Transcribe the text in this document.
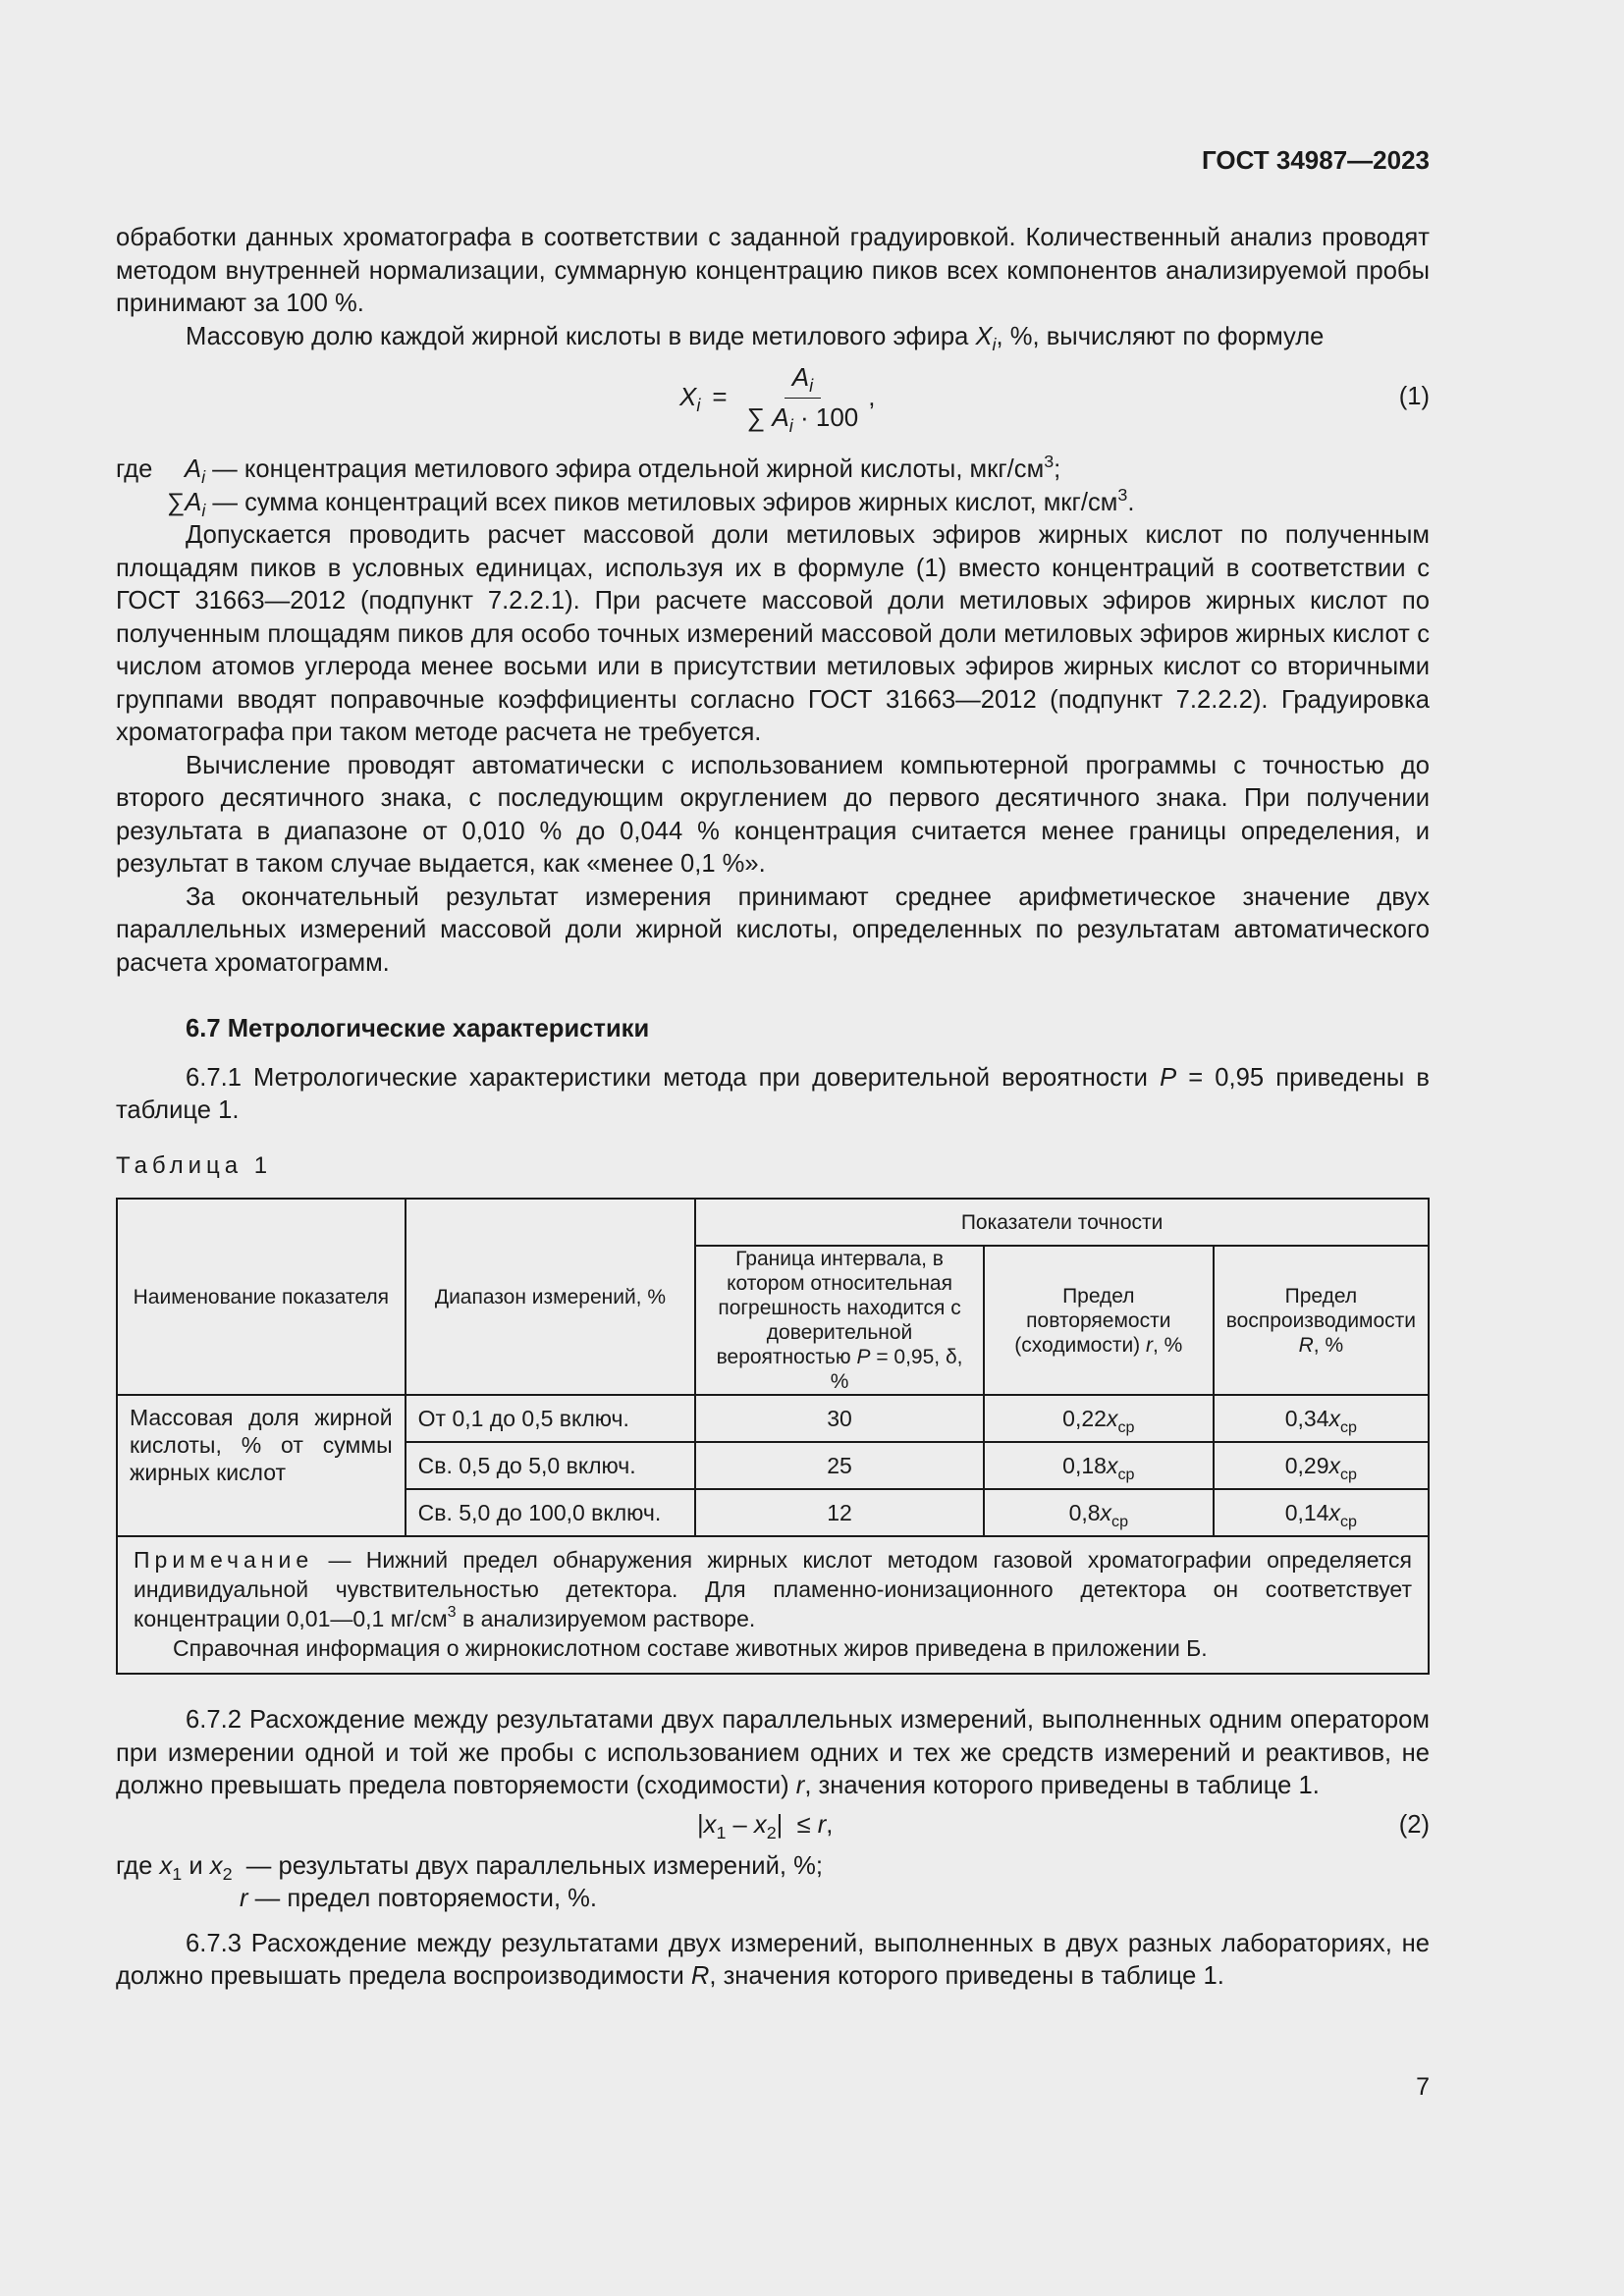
ГОСТ 34987—2023

обработки данных хроматографа в соответствии с заданной градуировкой. Количественный анализ проводят методом внутренней нормализации, суммарную концентрацию пиков всех компонентов анализируемой пробы принимают за 100 %.

Массовую долю каждой жирной кислоты в виде метилового эфира $X_i$, %, вычисляют по формуле

$X_i = \frac{A_i}{\sum A_i \cdot 100}$ ,	(1)
где	$A_i$ — концентрация метилового эфира отдельной жирной кислоты, мкг/$см^3$;
$\sum A_i$ — сумма концентраций всех пиков метиловых эфиров жирных кислот, мкг/$см^3$.

Допускается проводить расчет массовой доли метиловых эфиров жирных кислот по полученным площадям пиков в условных единицах, используя их в формуле (1) вместо концентраций в соответствии с ГОСТ 31663—2012 (подпункт 7.2.2.1). При расчете массовой доли метиловых эфиров жирных кислот по полученным площадям пиков для особо точных измерений массовой доли метиловых эфиров жирных кислот с числом атомов углерода менее восьми или в присутствии метиловых эфиров жирных кислот со вторичными группами вводят поправочные коэффициенты согласно ГОСТ 31663—2012 (подпункт 7.2.2.2). Градуировка хроматографа при таком методе расчета не требуется.

Вычисление проводят автоматически с использованием компьютерной программы с точностью до второго десятичного знака, с последующим округлением до первого десятичного знака. При получении результата в диапазоне от 0,010 % до 0,044 % концентрация считается менее границы определения, и результат в таком случае выдается, как «менее 0,1 %».

За окончательный результат измерения принимают среднее арифметическое значение двух параллельных измерений массовой доли жирной кислоты, определенных по результатам автоматического расчета хроматограмм.

6.7 Метрологические характеристики

6.7.1 Метрологические характеристики метода при доверительной вероятности P = 0,95 приведены в таблице 1.

Таблица 1
Наименование показателя	Диапазон измерений, %	Показатели точности		
		Граница интервала, в котором относительная погрешность находится с доверительной вероятностью P = 0,95, δ, %	Предел повторяемости (сходимости) r, %	Предел воспроизводимости R, %
Массовая доля жирной кислоты, % от суммы жирных кислот	От 0,1 до 0,5 включ.	30	$0,22x_{ср}$	$0,34x_{ср}$
	Св. 0,5 до 5,0 включ.	25	$0,18x_{ср}$	$0,29x_{ср}$
	Св. 5,0 до 100,0 включ.	12	$0,8x_{ср}$	$0,14x_{ср}$

Примечание — Нижний предел обнаружения жирных кислот методом газовой хроматографии определяется индивидуальной чувствительностью детектора. Для пламенно-ионизационного детектора он соответствует концентрации 0,01—0,1 $мг/см^3$ в анализируемом растворе.
Справочная информация о жирнокислотном составе животных жиров приведена в приложении Б.				

6.7.2 Расхождение между результатами двух параллельных измерений, выполненных одним оператором при измерении одной и той же пробы с использованием одних и тех же средств измерений и реактивов, не должно превышать предела повторяемости (сходимости) r, значения которого приведены в таблице 1.

$|x_1 - x_2| \le r$,	(2)
где $x_1$ и $x_2$  — результаты двух параллельных измерений, %;
r — предел повторяемости, %.

6.7.3 Расхождение между результатами двух измерений, выполненных в двух разных лабораториях, не должно превышать предела воспроизводимости R, значения которого приведены в таблице 1.

7
